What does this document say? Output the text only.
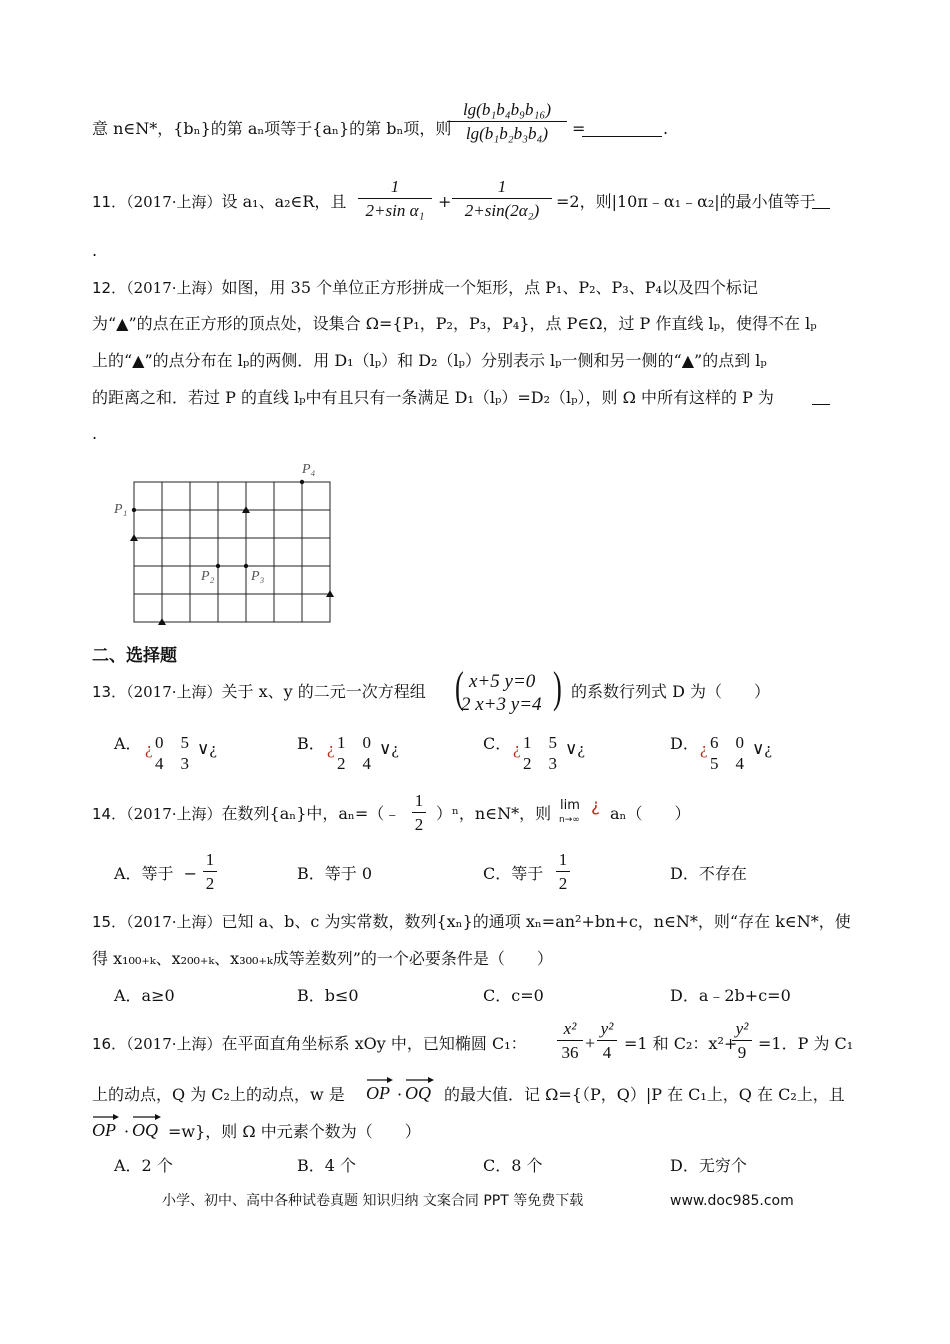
意 n∈N*，{bₙ}的第 aₙ项等于{aₙ}的第 bₙ项，则
lg(b₁b₄b₉b₁₆)
lg(b₁b₂b₃b₄)	=	.
11．（2017·上海）设 a₁、a₂∈R，且
1
2+sin α₁ +
1
2+sin(2α₂)	=2，则|10π﹣α₁﹣α₂|的最小值等于
.
12．（2017·上海）如图，用 35 个单位正方形拼成一个矩形，点 P₁、P₂、P₃、P₄以及四个标记
为“▲”的点在正方形的顶点处，设集合 Ω={P₁，P₂，P₃，P₄}，点 P∈Ω，过 P 作直线 lₚ，使得不在 lₚ
上的“▲”的点分布在 lₚ的两侧．用 D₁（lₚ）和 D₂（lₚ）分别表示 lₚ一侧和另一侧的“▲”的点到 lₚ
的距离之和．若过 P 的直线 lₚ中有且只有一条满足 D₁（lₚ）=D₂（lₚ），则 Ω 中所有这样的 P 为
.
P₁
P₂	P₃
P₄
二、选择题
13．（2017·上海）关于 x、y 的二元一次方程组 ( x+5 y=0
2 x+3 y=4 ) 的系数行列式 D 为（　　）
A． ¿ 0　5
4　3
∨¿	B． ¿ 1　0
2　4
∨¿	C． ¿ 1　5
2　3
∨¿	D． ¿ 6　0
5　4
∨¿
14．（2017·上海）在数列{aₙ}中，aₙ=（﹣
1
2
）ⁿ，n∈N*，则 lim
n→∞
¿ aₙ（　　）
A．等于 −
1
2
B．等于 0	C．等于
1
2
D．不存在
15．（2017·上海）已知 a、b、c 为实常数，数列{xₙ}的通项 xₙ=an²+bn+c，n∈N*，则“存在 k∈N*，使
得 x₁₀₀₊ₖ、x₂₀₀₊ₖ、x₃₀₀₊ₖ成等差数列”的一个必要条件是（　　）
A．a≥0	B．b≤0	C．c=0	D．a﹣2b+c=0
16．（2017·上海）在平面直角坐标系 xOy 中，已知椭圆 C₁：
x²
36 +
y²
4 =1 和 C₂：x²+
y²
9 =1．P 为 C₁
上的动点，Q 为 C₂上的动点，w 是 OP · OQ 的最大值．记 Ω={（P，Q）|P 在 C₁上，Q 在 C₂上，且
OP · OQ =w}，则 Ω 中元素个数为（　　）
A．2 个	B．4 个	C．8 个	D．无穷个
小学、初中、高中各种试卷真题 知识归纳 文案合同 PPT 等免费下载	www.doc985.com
